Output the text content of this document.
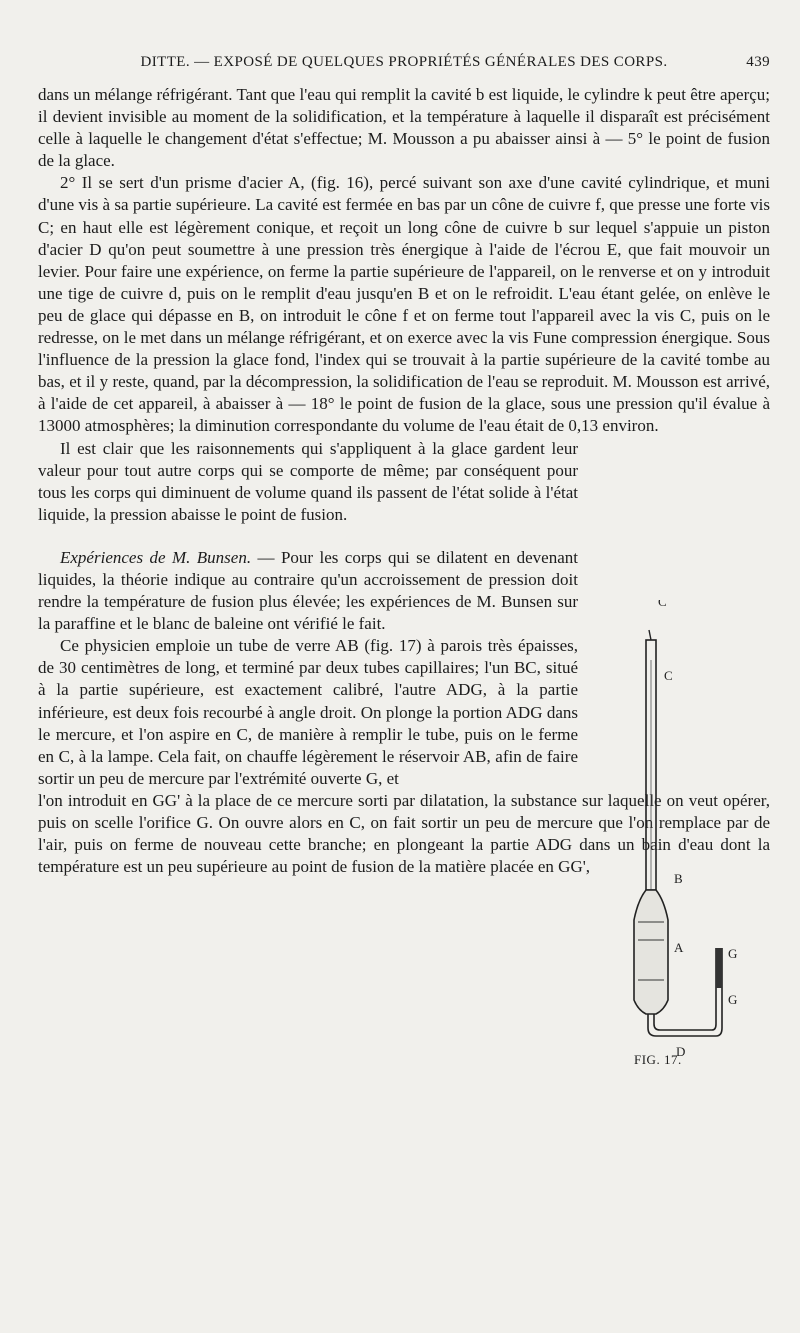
DITTE. — EXPOSÉ DE QUELQUES PROPRIÉTÉS GÉNÉRALES DES CORPS.	439

dans un mélange réfrigérant. Tant que l'eau qui remplit la cavité b est liquide, le cylindre k peut être aperçu; il devient invisible au moment de la solidification, et la température à laquelle il disparaît est précisément celle à laquelle le changement d'état s'effectue; M. Mousson a pu abaisser ainsi à — 5° le point de fusion de la glace.

2° Il se sert d'un prisme d'acier A, (fig. 16), percé suivant son axe d'une cavité cylindrique, et muni d'une vis à sa partie supérieure. La cavité est fermée en bas par un cône de cuivre f, que presse une forte vis C; en haut elle est légèrement conique, et reçoit un long cône de cuivre b sur lequel s'appuie un piston d'acier D qu'on peut soumettre à une pression très énergique à l'aide de l'écrou E, que fait mouvoir un levier. Pour faire une expérience, on ferme la partie supérieure de l'appareil, on le renverse et on y introduit une tige de cuivre d, puis on le remplit d'eau jusqu'en B et on le refroidit. L'eau étant gelée, on enlève le peu de glace qui dépasse en B, on introduit le cône f et on ferme tout l'appareil avec la vis C, puis on le redresse, on le met dans un mélange réfrigérant, et on exerce avec la vis Fune compression énergique. Sous l'influence de la pression la glace fond, l'index qui se trouvait à la partie supérieure de la cavité tombe au bas, et il y reste, quand, par la décompression, la solidification de l'eau se reproduit. M. Mousson est arrivé, à l'aide de cet appareil, à abaisser à — 18° le point de fusion de la glace, sous une pression qu'il évalue à 13000 atmosphères; la diminution correspondante du volume de l'eau était de 0,13 environ.

Il est clair que les raisonnements qui s'appliquent à la glace gardent leur valeur pour tout autre corps qui se comporte de même; par conséquent pour tous les corps qui diminuent de volume quand ils passent de l'état solide à l'état liquide, la pression abaisse le point de fusion.

Expériences de M. Bunsen. — Pour les corps qui se dilatent en devenant liquides, la théorie indique au contraire qu'un accroissement de pression doit rendre la température de fusion plus élevée; les expériences de M. Bunsen sur la paraffine et le blanc de baleine ont vérifié le fait.

Ce physicien emploie un tube de verre AB (fig. 17) à parois très épaisses, de 30 centimètres de long, et terminé par deux tubes capillaires; l'un BC, situé à la partie supérieure, est exactement calibré, l'autre ADG, à la partie inférieure, est deux fois recourbé à angle droit. On plonge la portion ADG dans le mercure, et l'on aspire en C, de manière à remplir le tube, puis on le ferme en C, à la lampe. Cela fait, on chauffe légèrement le réservoir AB, afin de faire sortir un peu de mercure par l'extrémité ouverte G, et

l'on introduit en GG' à la place de ce mercure sorti par dilatation, la substance sur laquelle on veut opérer, puis on scelle l'orifice G. On ouvre alors en C, on fait sortir un peu de mercure que l'on remplace par de l'air, puis on ferme de nouveau cette branche; en plongeant la partie ADG dans un bain d'eau dont la température est un peu supérieure au point de fusion de la matière placée en GG',

C
C
B
A	G
G
D
FIG. 17.
